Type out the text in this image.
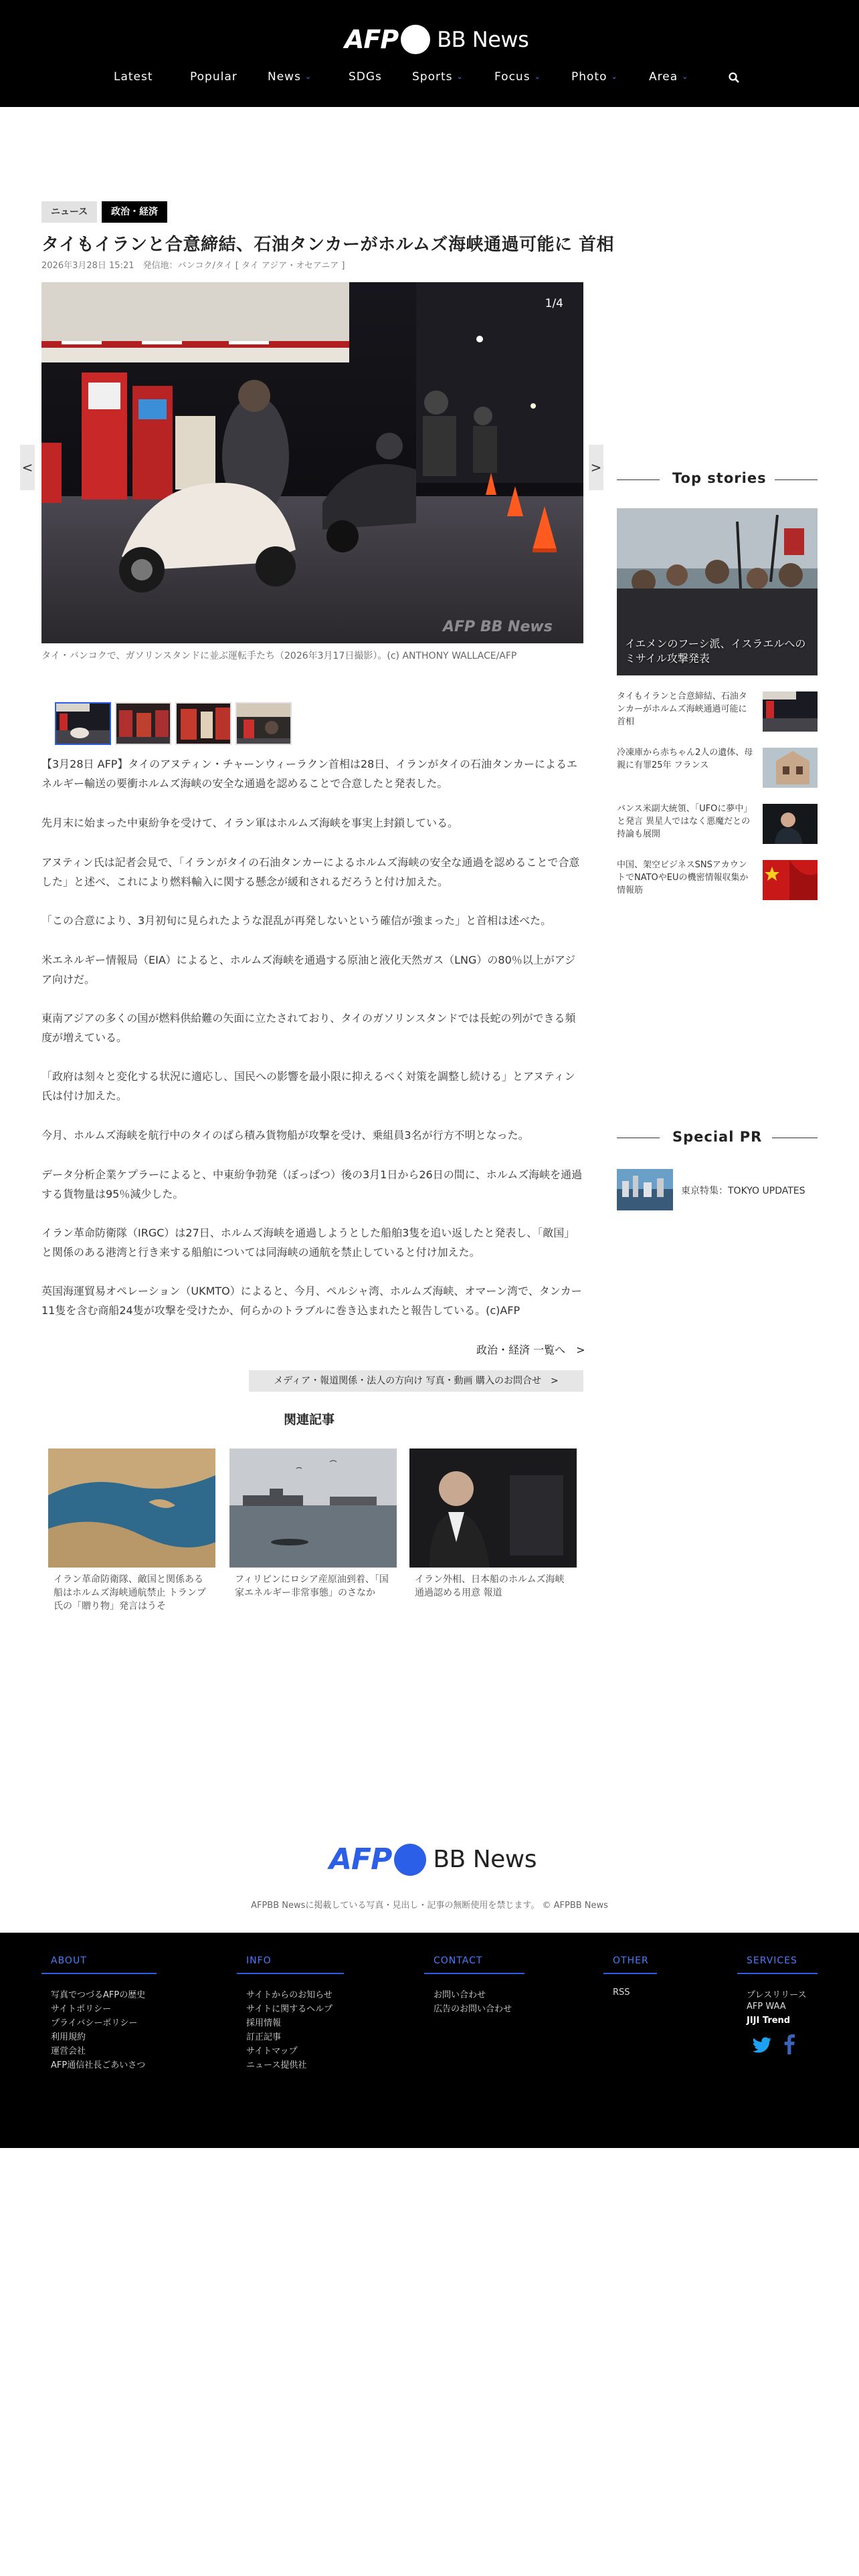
AFP BB News
Latest	Popular	News ⌄	SDGs	Sports ⌄	Focus ⌄	Photo ⌄	Area ⌄
ニュース	政治・経済
タイもイランと合意締結、石油タンカーがホルムズ海峡通過可能に 首相
2026年3月28日 15:21　発信地：バンコク/タイ [ タイ アジア・オセアニア ]
AFP BB News
1/4
<	>
タイ・バンコクで、ガソリンスタンドに並ぶ運転手たち（2026年3月17日撮影）。(c) ANTHONY WALLACE/AFP

【3月28日 AFP】タイのアヌティン・チャーンウィーラクン首相は28日、イランがタイの石油タンカーによるエネルギー輸送の要衝ホルムズ海峡の安全な通過を認めることで合意したと発表した。

先月末に始まった中東紛争を受けて、イラン軍はホルムズ海峡を事実上封鎖している。

アヌティン氏は記者会見で、「イランがタイの石油タンカーによるホルムズ海峡の安全な通過を認めることで合意した」と述べ、これにより燃料輸入に関する懸念が緩和されるだろうと付け加えた。

「この合意により、3月初旬に見られたような混乱が再発しないという確信が強まった」と首相は述べた。

米エネルギー情報局（EIA）によると、ホルムズ海峡を通過する原油と液化天然ガス（LNG）の80％以上がアジア向けだ。

東南アジアの多くの国が燃料供給難の矢面に立たされており、タイのガソリンスタンドでは長蛇の列ができる頻度が増えている。

「政府は刻々と変化する状況に適応し、国民への影響を最小限に抑えるべく対策を調整し続ける」とアヌティン氏は付け加えた。

今月、ホルムズ海峡を航行中のタイのばら積み貨物船が攻撃を受け、乗組員3名が行方不明となった。

データ分析企業ケプラーによると、中東紛争勃発（ぼっぱつ）後の3月1日から26日の間に、ホルムズ海峡を通過する貨物量は95％減少した。

イラン革命防衛隊（IRGC）は27日、ホルムズ海峡を通過しようとした船舶3隻を追い返したと発表し、「敵国」と関係のある港湾と行き来する船舶については同海峡の通航を禁止していると付け加えた。

英国海運貿易オペレーション（UKMTO）によると、今月、ペルシャ湾、ホルムズ海峡、オマーン湾で、タンカー11隻を含む商船24隻が攻撃を受けたか、何らかのトラブルに巻き込まれたと報告している。(c)AFP

政治・経済 一覧へ　>
メディア・報道関係・法人の方向け 写真・動画 購入のお問合せ　>
関連記事
イラン革命防衛隊、敵国と関係ある船はホルムズ海峡通航禁止 トランプ氏の「贈り物」発言はうそ
フィリピンにロシア産原油到着、「国家エネルギー非常事態」のさなか
イラン外相、日本船のホルムズ海峡通過認める用意 報道
Top stories
イエメンのフーシ派、イスラエルへのミサイル攻撃発表
タイもイランと合意締結、石油タンカーがホルムズ海峡通過可能に 首相
冷凍庫から赤ちゃん2人の遺体、母親に有罪25年 フランス
バンス米副大統領、「UFOに夢中」と発言 異星人ではなく悪魔だとの持論も展開
中国、架空ビジネスSNSアカウントでNATOやEUの機密情報収集か 情報筋
Special PR
東京特集：TOKYO UPDATES
AFP BB News
AFPBB Newsに掲載している写真・見出し・記事の無断使用を禁じます。 © AFPBB News
ABOUT
写真でつづるAFPの歴史
サイトポリシー
プライバシーポリシー
利用規約
運営会社
AFP通信社長ごあいさつ
INFO
サイトからのお知らせ
サイトに関するヘルプ
採用情報
訂正記事
サイトマップ
ニュース提供社
CONTACT
お問い合わせ
広告のお問い合わせ
OTHER
RSS
SERVICES
プレスリリース
AFP WAA
JIJI Trend
